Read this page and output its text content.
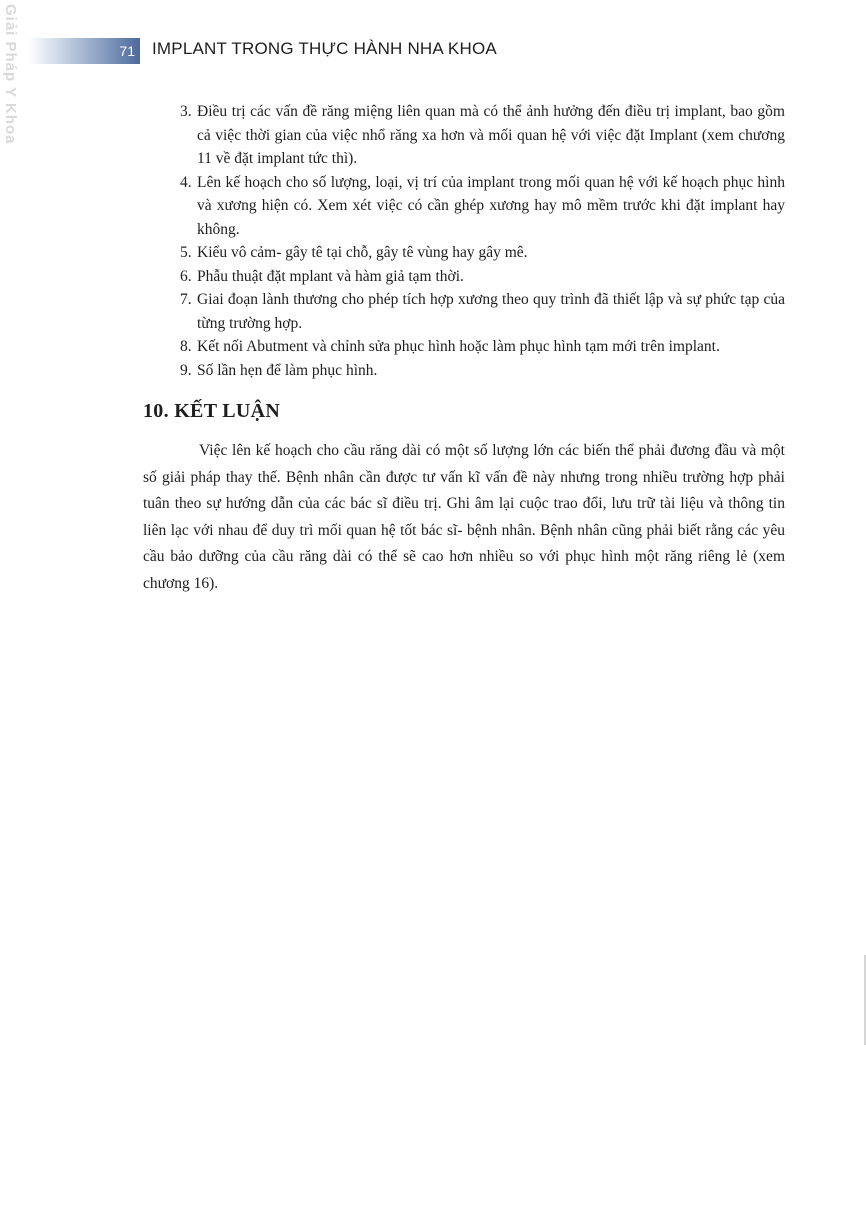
Giải Pháp Y Khoa	71 IMPLANT TRONG THỰC HÀNH NHA KHOA
3. Điều trị các vấn đề răng miệng liên quan mà có thể ảnh hưởng đến điều trị implant, bao gồm cả việc thời gian của việc nhổ răng xa hơn và mối quan hệ với việc đặt Implant (xem chương 11 về đặt implant tức thì).
4. Lên kế hoạch cho số lượng, loại, vị trí của implant trong mối quan hệ với kế hoạch phục hình và xương hiện có. Xem xét việc có cần ghép xương hay mô mềm trước khi đặt implant hay không.
5. Kiểu vô cảm- gây tê tại chỗ, gây tê vùng hay gây mê.
6. Phẫu thuật đặt mplant và hàm giả tạm thời.
7. Giai đoạn lành thương cho phép tích hợp xương theo quy trình đã thiết lập và sự phức tạp của từng trường hợp.
8. Kết nối Abutment và chỉnh sửa phục hình hoặc làm phục hình tạm mới trên implant.
9. Số lần hẹn để làm phục hình.
10. KẾT LUẬN

Việc lên kế hoạch cho cầu răng dài có một số lượng lớn các biến thể phải đương đầu và một số giải pháp thay thế. Bệnh nhân cần được tư vấn kĩ vấn đề này nhưng trong nhiều trường hợp phải tuân theo sự hướng dẫn của các bác sĩ điều trị. Ghi âm lại cuộc trao đổi, lưu trữ tài liệu và thông tin liên lạc với nhau để duy trì mối quan hệ tốt bác sĩ- bệnh nhân. Bệnh nhân cũng phải biết rằng các yêu cầu bảo dưỡng của cầu răng dài có thể sẽ cao hơn nhiều so với phục hình một răng riêng lẻ (xem chương 16).
